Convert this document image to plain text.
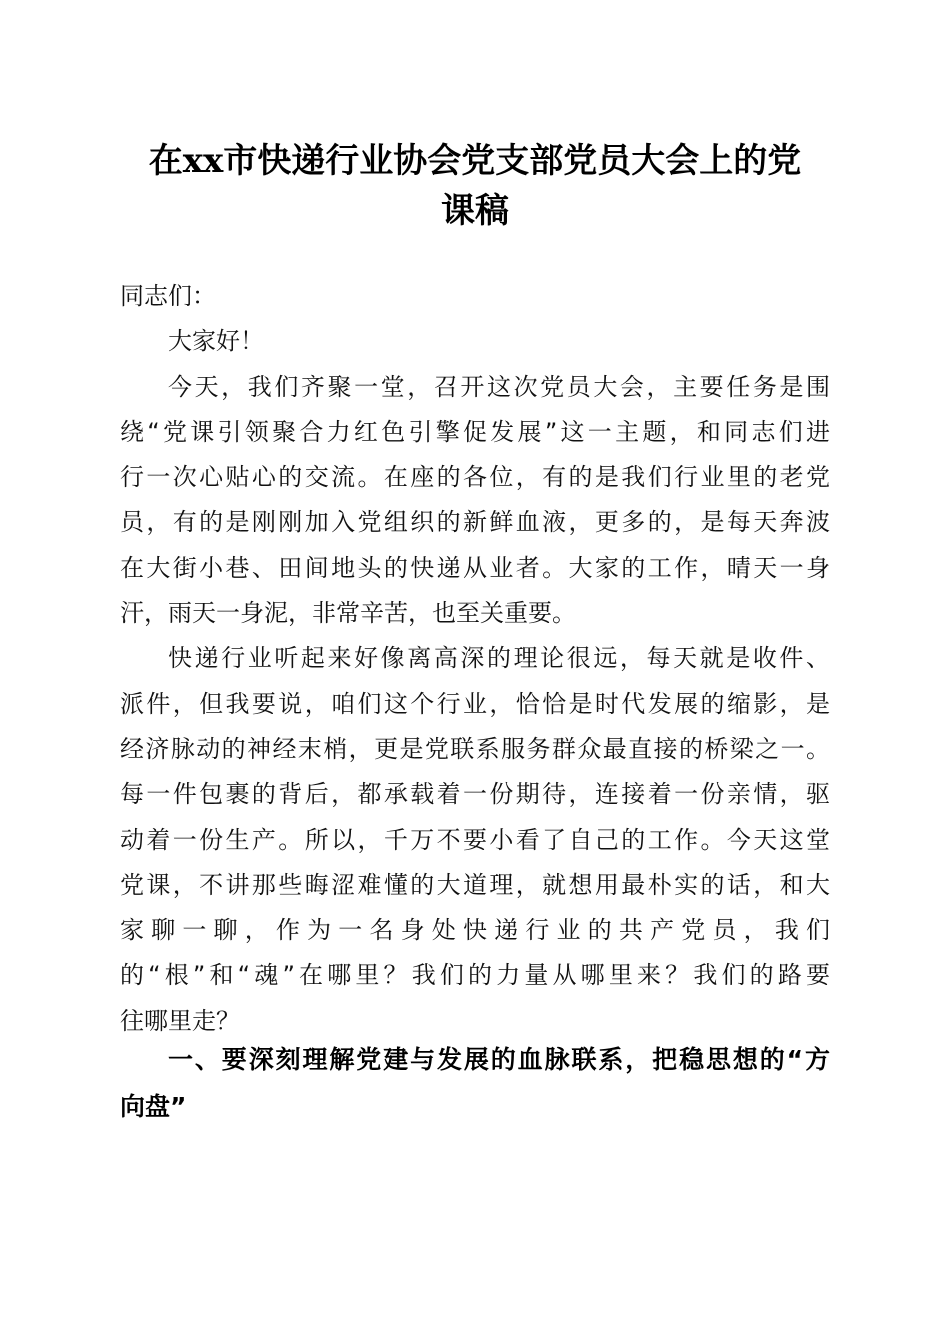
在xx市快递行业协会党支部党员大会上的党
课稿
同志们：
大家好！
今天，我们齐聚一堂，召开这次党员大会，主要任务是围
绕“党课引领聚合力红色引擎促发展”这一主题，和同志们进
行一次心贴心的交流。在座的各位，有的是我们行业里的老党
员，有的是刚刚加入党组织的新鲜血液，更多的，是每天奔波
在大街小巷、田间地头的快递从业者。大家的工作，晴天一身
汗，雨天一身泥，非常辛苦，也至关重要。
快递行业听起来好像离高深的理论很远，每天就是收件、
派件，但我要说，咱们这个行业，恰恰是时代发展的缩影，是
经济脉动的神经末梢，更是党联系服务群众最直接的桥梁之一。
每一件包裹的背后，都承载着一份期待，连接着一份亲情，驱
动着一份生产。所以，千万不要小看了自己的工作。今天这堂
党课，不讲那些晦涩难懂的大道理，就想用最朴实的话，和大
家聊一聊，作为一名身处快递行业的共产党员，我们
的“根”和“魂”在哪里？我们的力量从哪里来？我们的路要
往哪里走？
一、要深刻理解党建与发展的血脉联系，把稳思想的“方
向盘”
